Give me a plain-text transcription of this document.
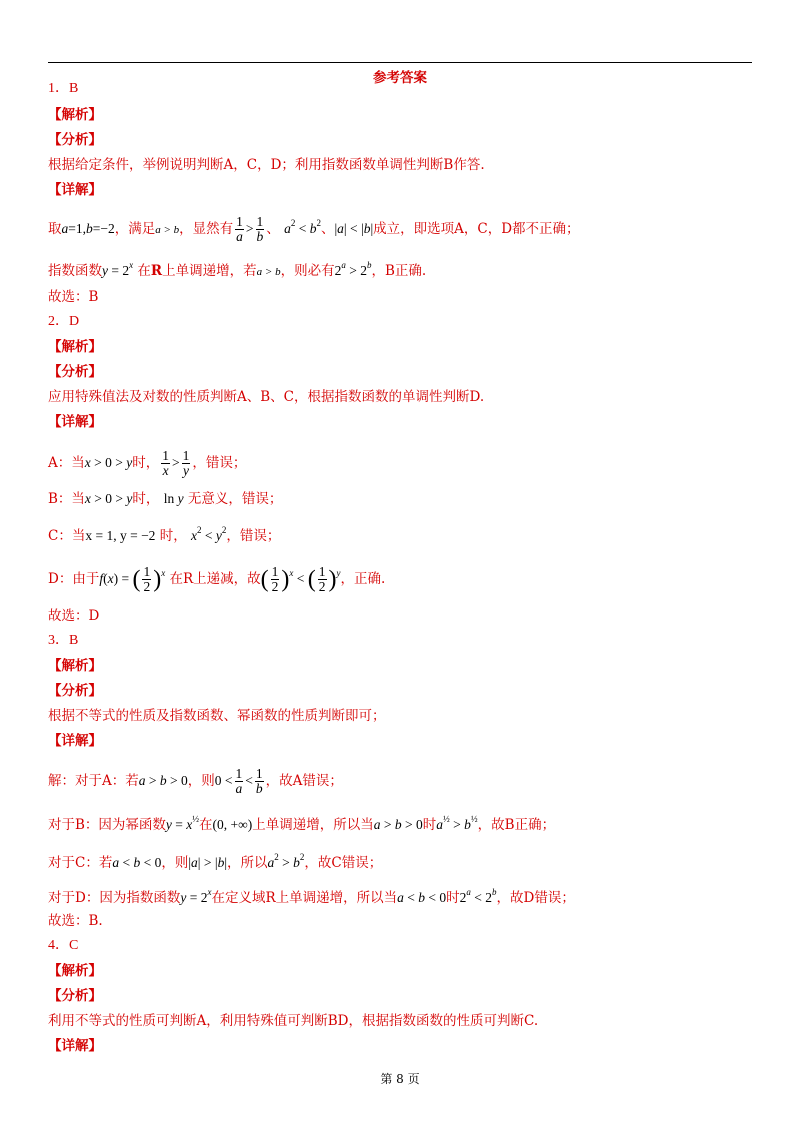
参考答案
1．B
【解析】
【分析】
根据给定条件，举例说明判断A，C，D；利用指数函数单调性判断B作答.
【详解】
取a=1,b=−2，满足a > b，显然有 $\frac{1}{a} > \frac{1}{b}$ 、 $a^2 < b^2$、|a| < |b|成立，即选项A，C，D都不正确；
指数函数$y = 2^x$ 在R上单调递增，若a > b，则必有$2^a > 2^b$，B正确.
故选：B
2．D
【解析】
【分析】
应用特殊值法及对数的性质判断A、B、C，根据指数函数的单调性判断D.
【详解】
A：当x > 0 > y时， $\frac{1}{x} > \frac{1}{y}$ ，错误；
B：当x > 0 > y时， ln y 无意义，错误；
C：当x = 1, y = −2 时， $x^2 < y^2$，错误；
D：由于f(x) = ( $\frac{1}{2} )^x$ 在R上递减，故( $\frac{1}{2} )^x$ < ( $\frac{1}{2} )^y$，正确.
故选：D
3．B
【解析】
【分析】
根据不等式的性质及指数函数、幂函数的性质判断即可；
【详解】
解：对于A：若a > b > 0，则$0 < \frac{1}{a} < \frac{1}{b}$ ，故A错误；
对于B：因为幂函数$y = x^{\frac{1}{2}}$在(0, +∞)上单调递增，所以当a > b > 0时$a^{\frac{1}{2}} > b^{\frac{1}{2}}$，故B正确；
对于C：若a < b < 0，则|a| > |b|，所以$a^2 > b^2$，故C错误；
对于D：因为指数函数$y = 2^x$在定义域R上单调递增，所以当a < b < 0时$2^a < 2^b$，故D错误；
故选：B.
4．C
【解析】
【分析】
利用不等式的性质可判断A，利用特殊值可判断BD，根据指数函数的性质可判断C.
【详解】
第 8 页
